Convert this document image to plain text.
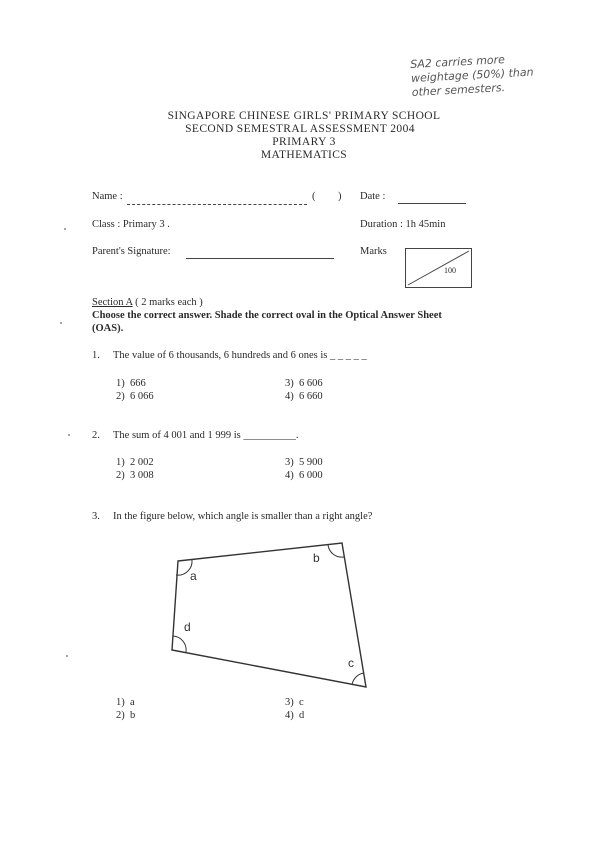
SA2 carries more
weightage (50%) than
other semesters.
SINGAPORE CHINESE GIRLS' PRIMARY SCHOOL
SECOND SEMESTRAL ASSESSMENT 2004
PRIMARY 3
MATHEMATICS
Name :	( ) Date :
Class : Primary 3 .	Duration : 1h 45min
Parent's Signature:	Marks
100
Section A ( 2 marks each )
Choose the correct answer. Shade the correct oval in the Optical Answer Sheet
(OAS).
1. The value of 6 thousands, 6 hundreds and 6 ones is _ _ _ _ _
1) 666	3) 6 606
2) 6 066	4) 6 660
2. The sum of 4 001 and 1 999 is __________.
1) 2 002	3) 5 900
2) 3 008	4) 6 000
3. In the figure below, which angle is smaller than a right angle?
a
b
c
d
1) a	3) c
2) b	4) d
